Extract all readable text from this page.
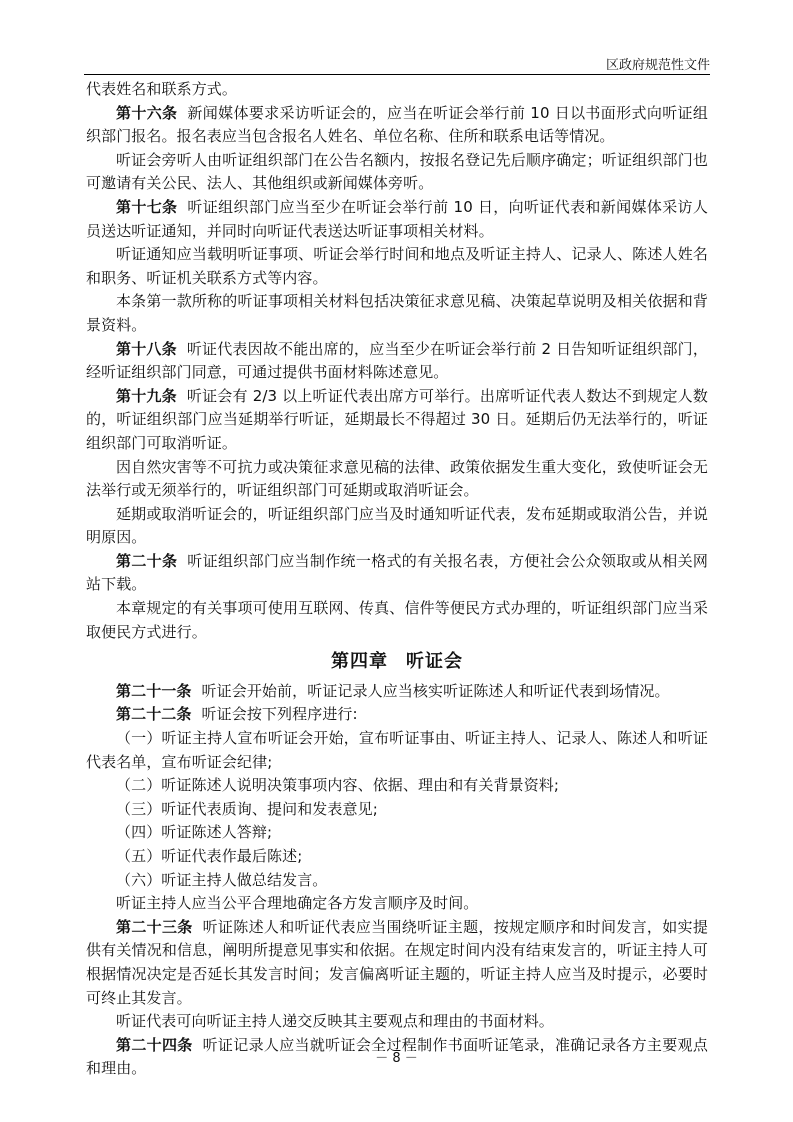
区政府规范性文件

代表姓名和联系方式。

第十六条 新闻媒体要求采访听证会的，应当在听证会举行前 10 日以书面形式向听证组织部门报名。报名表应当包含报名人姓名、单位名称、住所和联系电话等情况。

听证会旁听人由听证组织部门在公告名额内，按报名登记先后顺序确定；听证组织部门也可邀请有关公民、法人、其他组织或新闻媒体旁听。

第十七条 听证组织部门应当至少在听证会举行前 10 日，向听证代表和新闻媒体采访人员送达听证通知，并同时向听证代表送达听证事项相关材料。

听证通知应当载明听证事项、听证会举行时间和地点及听证主持人、记录人、陈述人姓名和职务、听证机关联系方式等内容。

本条第一款所称的听证事项相关材料包括决策征求意见稿、决策起草说明及相关依据和背景资料。

第十八条 听证代表因故不能出席的，应当至少在听证会举行前 2 日告知听证组织部门，经听证组织部门同意，可通过提供书面材料陈述意见。

第十九条 听证会有 2/3 以上听证代表出席方可举行。出席听证代表人数达不到规定人数的，听证组织部门应当延期举行听证，延期最长不得超过 30 日。延期后仍无法举行的，听证组织部门可取消听证。

因自然灾害等不可抗力或决策征求意见稿的法律、政策依据发生重大变化，致使听证会无法举行或无须举行的，听证组织部门可延期或取消听证会。

延期或取消听证会的，听证组织部门应当及时通知听证代表，发布延期或取消公告，并说明原因。

第二十条 听证组织部门应当制作统一格式的有关报名表，方便社会公众领取或从相关网站下载。

本章规定的有关事项可使用互联网、传真、信件等便民方式办理的，听证组织部门应当采取便民方式进行。

第四章 听证会

第二十一条 听证会开始前，听证记录人应当核实听证陈述人和听证代表到场情况。

第二十二条 听证会按下列程序进行:

（一）听证主持人宣布听证会开始，宣布听证事由、听证主持人、记录人、陈述人和听证代表名单，宣布听证会纪律;

（二）听证陈述人说明决策事项内容、依据、理由和有关背景资料;

（三）听证代表质询、提问和发表意见;

（四）听证陈述人答辩;

（五）听证代表作最后陈述;

（六）听证主持人做总结发言。

听证主持人应当公平合理地确定各方发言顺序及时间。

第二十三条 听证陈述人和听证代表应当围绕听证主题，按规定顺序和时间发言，如实提供有关情况和信息，阐明所提意见事实和依据。在规定时间内没有结束发言的，听证主持人可根据情况决定是否延长其发言时间；发言偏离听证主题的，听证主持人应当及时提示，必要时可终止其发言。

听证代表可向听证主持人递交反映其主要观点和理由的书面材料。

第二十四条 听证记录人应当就听证会全过程制作书面听证笔录，准确记录各方主要观点和理由。

－ 8 －
